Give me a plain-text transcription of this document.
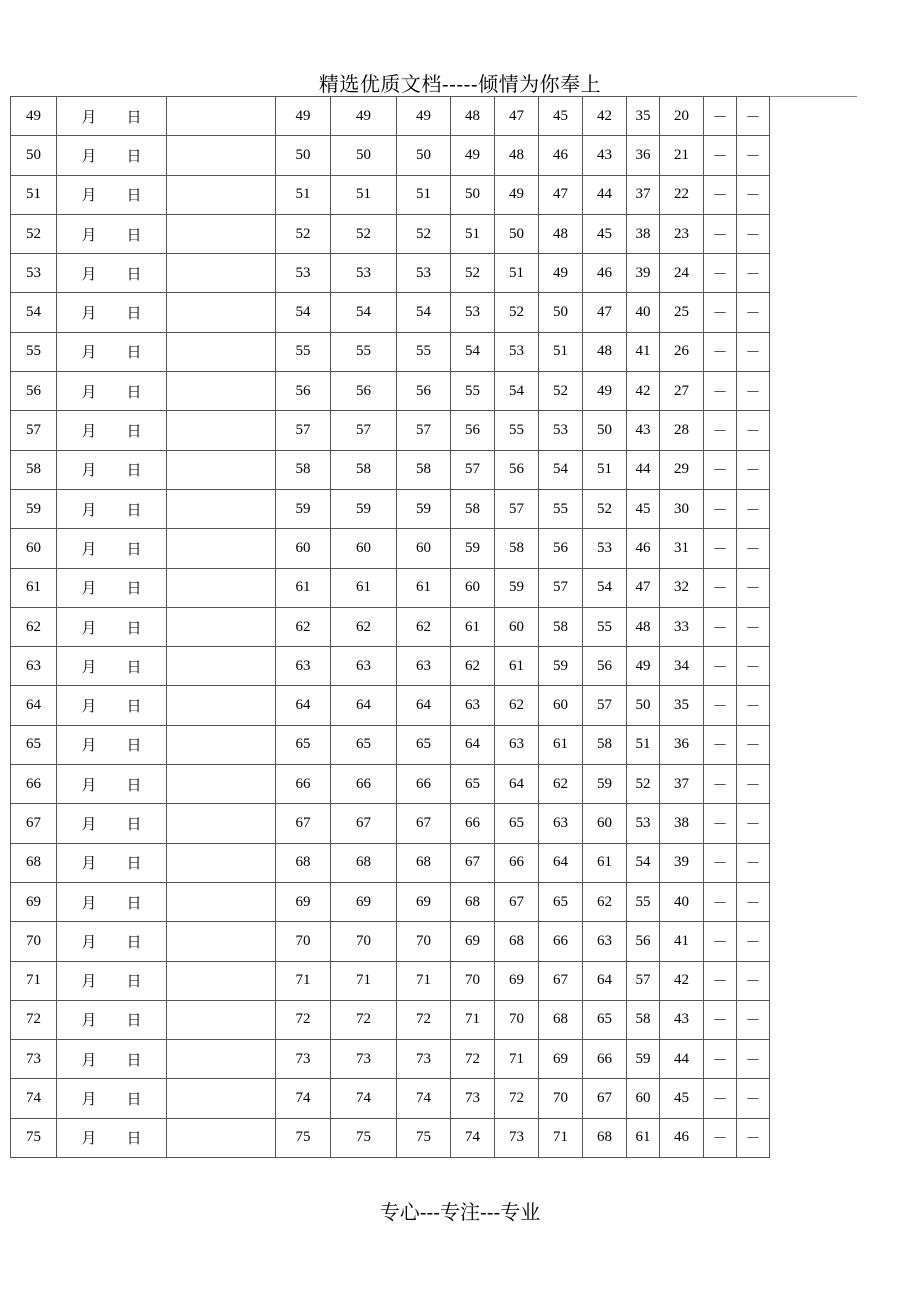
精选优质文档-----倾情为你奉上
49	月 日		49	49	49	48	47	45	42	35	20	－	－
50	月 日		50	50	50	49	48	46	43	36	21	－	－
51	月 日		51	51	51	50	49	47	44	37	22	－	－
52	月 日		52	52	52	51	50	48	45	38	23	－	－
53	月 日		53	53	53	52	51	49	46	39	24	－	－
54	月 日		54	54	54	53	52	50	47	40	25	－	－
55	月 日		55	55	55	54	53	51	48	41	26	－	－
56	月 日		56	56	56	55	54	52	49	42	27	－	－
57	月 日		57	57	57	56	55	53	50	43	28	－	－
58	月 日		58	58	58	57	56	54	51	44	29	－	－
59	月 日		59	59	59	58	57	55	52	45	30	－	－
60	月 日		60	60	60	59	58	56	53	46	31	－	－
61	月 日		61	61	61	60	59	57	54	47	32	－	－
62	月 日		62	62	62	61	60	58	55	48	33	－	－
63	月 日		63	63	63	62	61	59	56	49	34	－	－
64	月 日		64	64	64	63	62	60	57	50	35	－	－
65	月 日		65	65	65	64	63	61	58	51	36	－	－
66	月 日		66	66	66	65	64	62	59	52	37	－	－
67	月 日		67	67	67	66	65	63	60	53	38	－	－
68	月 日		68	68	68	67	66	64	61	54	39	－	－
69	月 日		69	69	69	68	67	65	62	55	40	－	－
70	月 日		70	70	70	69	68	66	63	56	41	－	－
71	月 日		71	71	71	70	69	67	64	57	42	－	－
72	月 日		72	72	72	71	70	68	65	58	43	－	－
73	月 日		73	73	73	72	71	69	66	59	44	－	－
74	月 日		74	74	74	73	72	70	67	60	45	－	－
75	月 日		75	75	75	74	73	71	68	61	46	－	－
专心---专注---专业
